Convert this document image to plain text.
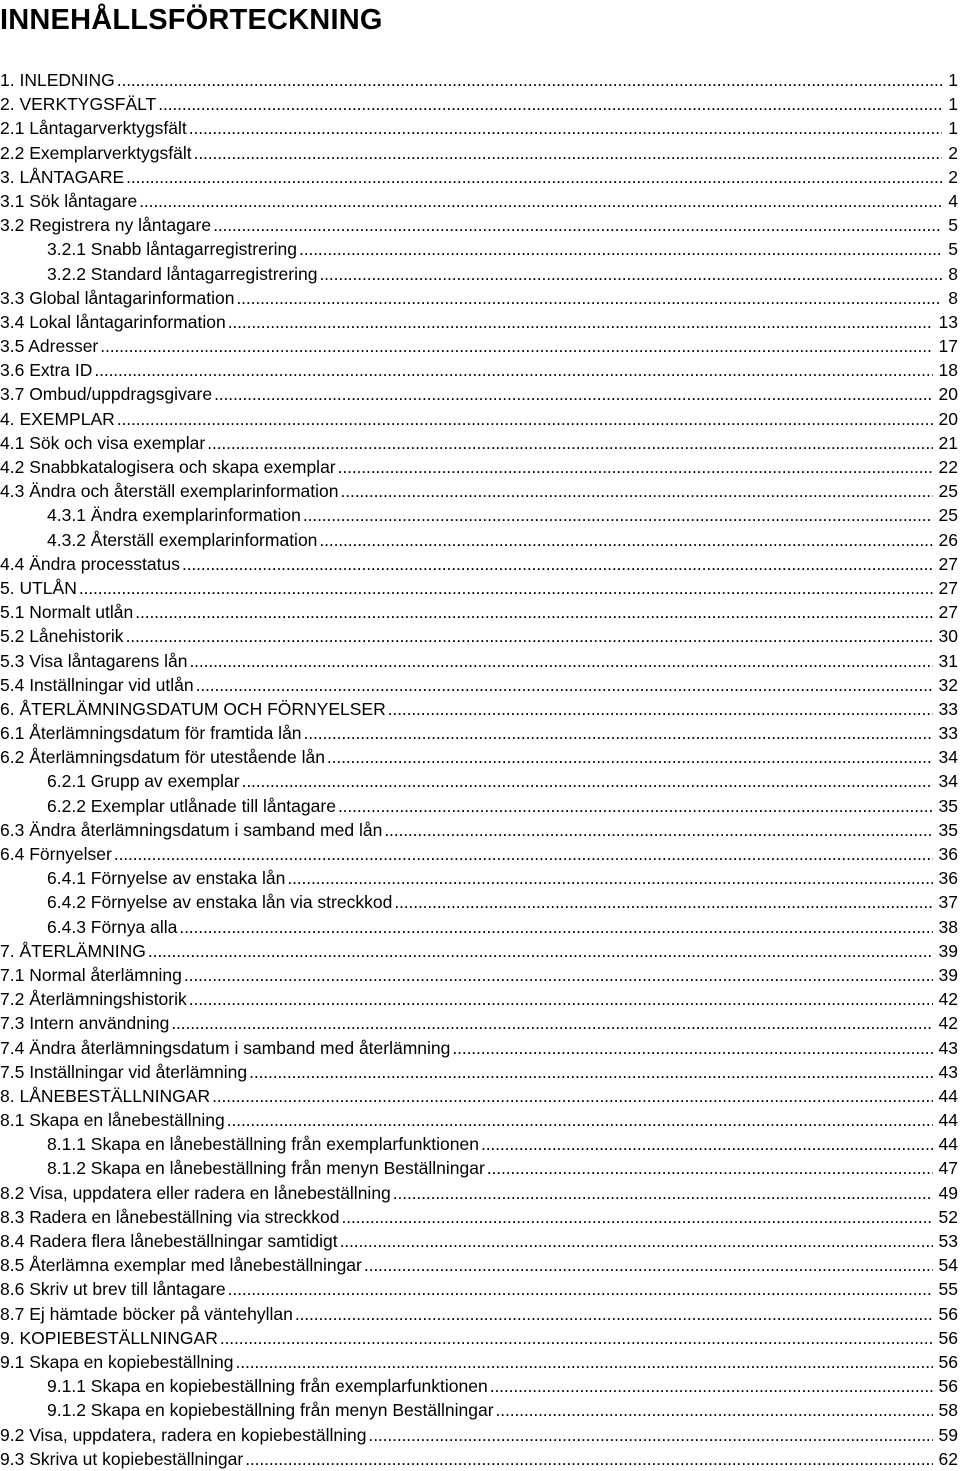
INNEHÅLLSFÖRTECKNING
1. INLEDNING . . .	1
2. VERKTYGSFÄLT . . .	1
2.1 Låntagarverktygsfält . . .	1
2.2 Exemplarverktygsfält . . .	2
3. LÅNTAGARE . . .	2
3.1 Sök låntagare . . .	4
3.2 Registrera ny låntagare . . .	5
3.2.1 Snabb låntagarregistrering . . .	5
3.2.2 Standard låntagarregistrering . . .	8
3.3 Global låntagarinformation . . .	8
3.4 Lokal låntagarinformation . . .	13
3.5 Adresser . . .	17
3.6 Extra ID . . .	18
3.7 Ombud/uppdragsgivare . . .	20
4. EXEMPLAR . . .	20
4.1 Sök och visa exemplar . . .	21
4.2 Snabbkatalogisera och skapa exemplar . . .	22
4.3 Ändra och återställ exemplarinformation . . .	25
4.3.1 Ändra exemplarinformation . . .	25
4.3.2 Återställ exemplarinformation . . .	26
4.4 Ändra processtatus . . .	27
5. UTLÅN . . .	27
5.1 Normalt utlån . . .	27
5.2 Lånehistorik . . .	30
5.3 Visa låntagarens lån . . .	31
5.4 Inställningar vid utlån . . .	32
6. ÅTERLÄMNINGSDATUM OCH FÖRNYELSER . . .	33
6.1 Återlämningsdatum för framtida lån . . .	33
6.2 Återlämningsdatum för utestående lån . . .	34
6.2.1 Grupp av exemplar . . .	34
6.2.2 Exemplar utlånade till låntagare . . .	35
6.3 Ändra återlämningsdatum i samband med lån . . .	35
6.4 Förnyelser . . .	36
6.4.1 Förnyelse av enstaka lån . . .	36
6.4.2 Förnyelse av enstaka lån via streckkod . . .	37
6.4.3 Förnya alla . . .	38
7. ÅTERLÄMNING . . .	39
7.1 Normal återlämning . . .	39
7.2 Återlämningshistorik . . .	42
7.3 Intern användning . . .	42
7.4 Ändra återlämningsdatum i samband med återlämning . . .	43
7.5 Inställningar vid återlämning . . .	43
8. LÅNEBESTÄLLNINGAR . . .	44
8.1 Skapa en lånebeställning . . .	44
8.1.1 Skapa en lånebeställning från exemplarfunktionen . . .	44
8.1.2 Skapa en lånebeställning från menyn Beställningar . . .	47
8.2 Visa, uppdatera eller radera en lånebeställning . . .	49
8.3 Radera en lånebeställning via streckkod . . .	52
8.4 Radera flera lånebeställningar samtidigt . . .	53
8.5 Återlämna exemplar med lånebeställningar . . .	54
8.6 Skriv ut brev till låntagare . . .	55
8.7 Ej hämtade böcker på väntehyllan . . .	56
9. KOPIEBESTÄLLNINGAR . . .	56
9.1 Skapa en kopiebeställning . . .	56
9.1.1 Skapa en kopiebeställning från exemplarfunktionen . . .	56
9.1.2 Skapa en kopiebeställning från menyn Beställningar . . .	58
9.2 Visa, uppdatera, radera en kopiebeställning . . .	59
9.3 Skriva ut kopiebeställningar . . .	62
